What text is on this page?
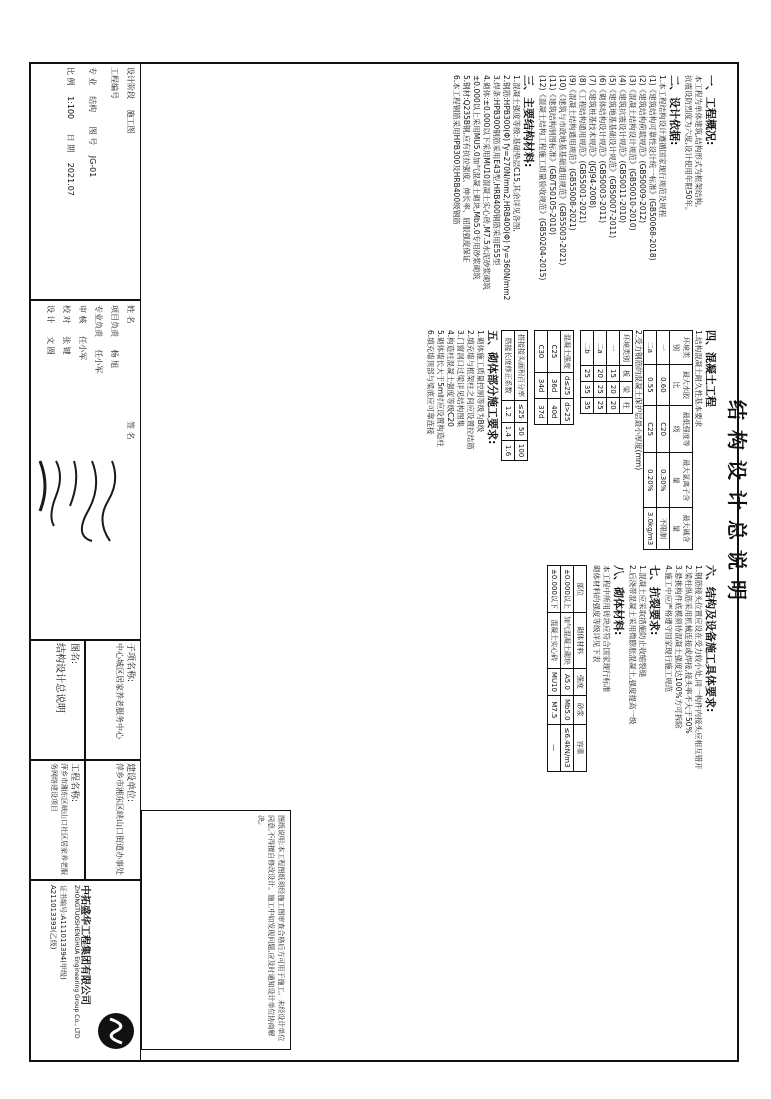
结构设计总说明
一、工程概况:
本工程为单体建筑,结构形式为框架结构,
抗震设防烈度为六度,设计使用年限50年。
二、设计依据:
1.本工程结构设计遵循国家现行规范及规程
(1)《建筑结构可靠性设计统一标准》(GB50068-2018)
(2)《建筑结构荷载规范》(GB50009-2012)
(3)《混凝土结构设计规范》(GB50010-2010)
(4)《建筑抗震设计规范》(GB50011-2010)
(5)《建筑地基基础设计规范》(GB50007-2011)
(6)《砌体结构设计规范》(GB50003-2011)
(7)《建筑桩基技术规范》(JGJ94-2008)
(8)《工程结构通用规范》(GB55001-2021)
(9)《混凝土结构通用规范》(GB55008-2021)
(10)《建筑与市政地基基础通用规范》(GB55003-2021)
(11)《建筑结构制图标准》(GB/T50105-2010)
(12)《混凝土结构工程施工质量验收规范》(GB50204-2015)
三、主要结构材料:
1.混凝土强度等级:基础垫层C15,其余详见各图,
2.钢筋:HPB300(Φ) fy=270N/mm2,HRB400(Φ) fy=360N/mm2
3.焊条:HPB300钢筋采用E43型,HRB400钢筋采用E55型
4.砌体:±0.000以下采用MU10混凝土实心砖,M7.5水泥砂浆砌筑
±0.000以上采用MU5.0加气混凝土砌块,Mb5.0专用砂浆砌筑
5.钢材:Q235B钢,应有抗拉强度、伸长率、屈服强度保证
6.本工程钢筋采用HPB300及HRB400级钢筋
四、混凝土工程
1.结构混凝土耐久性基本要求
环境类别	最大水胶比	最低强度等级	最大氯离子含量	最大碱含量
一	0.60	C20	0.30%	不限制
二a	0.55	C25	0.20%	3.0kg/m3
2.受力钢筋的混凝土保护层最小厚度(mm)
环境类别	板	梁	柱
一	15	20	20
二a	20	25	25
二b	25	35	35
混凝土强度	d≤25	d>25
C25	36d	40d
C30	34d	37d
搭接接头面积百分率	≤25	50	100
搭接长度修正系数	1.2	1.4	1.6
五、砌体部分施工要求:
1.砌体施工质量控制等级为B级
2.填充墙与框架柱之间应设置拉结筋
3.门窗洞口过梁详见结构图集
4.构造柱混凝土强度等级C20
5.砌体墙长大于5m时应设置构造柱
6.填充墙顶部与梁底应可靠连接
六、结构及设备施工具体要求:
1.钢筋接头位置应设在受力较小处,同一构件内接头应相互错开
2.梁柱纵筋采用机械连接或焊接,接头率不大于50%
3.悬挑构件底模须待混凝土强度达100%方可拆除
4.施工中应严格遵守国家现行施工规范
七、抗裂要求:
1.混凝土应采取措施防止收缩裂缝
2.后浇带混凝土采用微膨胀混凝土,强度提高一级
八、砌体材料:
本工程中所用砖块应符合国家现行标准
砌体材料的强度等级详见下表
部位	砌体材料	强度	砂浆	容重
±0.000以上	加气混凝土砌块	A5.0	Mb5.0	≤6.4kN/m3
±0.000以下	混凝土实心砖	MU10	M7.5	—
图纸说明:本工程图纸须经施工图审查合格后方可用于施工。未经设计单位同意,不得擅自修改设计。施工中如发现问题,应及时通知设计单位协商解决。
中拓盛华工程集团有限公司
ZHONGTUOSHENGHUA Engineering Group Co., LTD
证书编号:A111013394(甲级)
A211013393(乙级)
建设单位:
萍乡市湘东区峡山口街道办事处
工程名称:
萍乡市湘东区峡山口社区居家养老服务网络建设项目
子项名称:
中心城区居家养老服务中心
图名:
结构设计总说明
姓 名
签 名
项目负责 杨 旭
专业负责 任小军
审 核 任小军
校 对 张 键
设 计 文 圆
设计阶段 施工图
工程编号
专 业 结构 图 号 JG-01
比 例 1:100 日 期 2021.07
